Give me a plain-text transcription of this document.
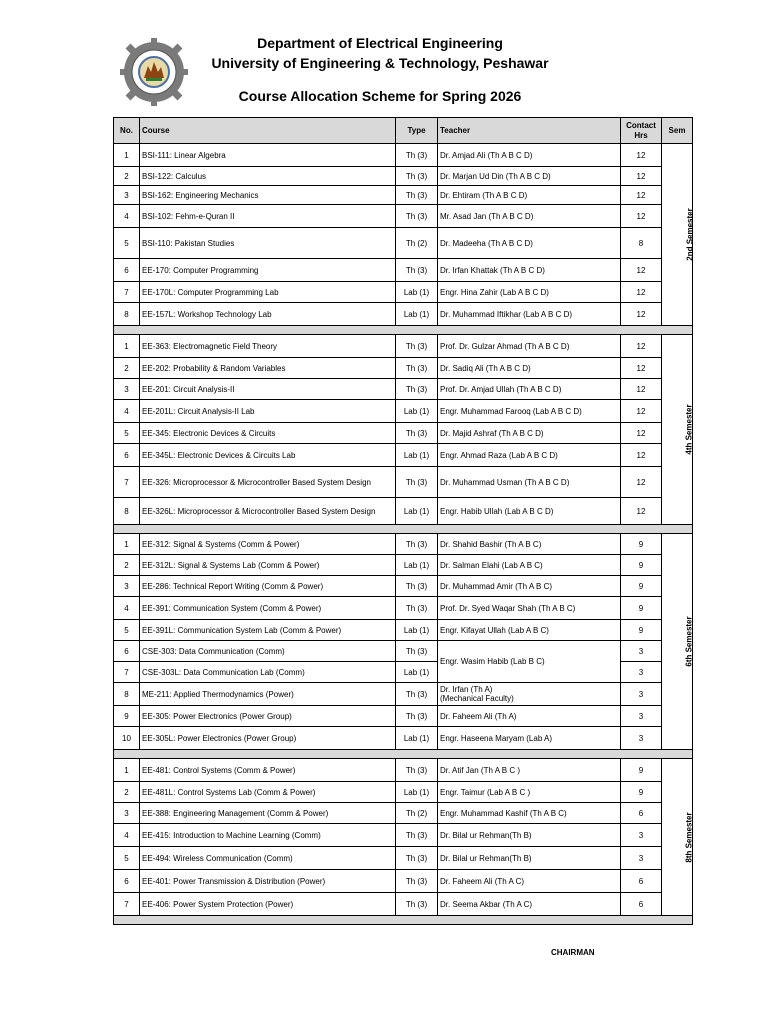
Department of Electrical Engineering
University of Engineering & Technology, Peshawar
Course Allocation Scheme for Spring 2026
No.	Course	Type	Teacher	Contact Hrs	Sem
1	BSI-111: Linear Algebra	Th (3)	Dr. Amjad Ali (Th A B C D)	12	2nd Semester
2	BSI-122: Calculus	Th (3)	Dr. Marjan Ud Din (Th A B C D)	12	
3	BSI-162: Engineering Mechanics	Th (3)	Dr. Ehtiram (Th A B C D)	12	
4	BSI-102: Fehm-e-Quran II	Th (3)	Mr. Asad Jan (Th A B C D)	12	
5	BSI-110: Pakistan Studies	Th (2)	Dr. Madeeha (Th A B C D)	8	
6	EE-170: Computer Programming	Th (3)	Dr. Irfan Khattak (Th A B C D)	12	
7	EE-170L: Computer Programming Lab	Lab (1)	Engr. Hina Zahir (Lab A B C D)	12	
8	EE-157L: Workshop Technology Lab	Lab (1)	Dr. Muhammad Iftikhar (Lab A B C D)	12	

1	EE-363: Electromagnetic Field Theory	Th (3)	Prof. Dr. Gulzar Ahmad (Th A B C D)	12	4th Semester
2	EE-202: Probability & Random Variables	Th (3)	Dr. Sadiq Ali (Th A B C D)	12	
3	EE-201: Circuit Analysis-II	Th (3)	Prof. Dr. Amjad Ullah (Th A B C D)	12	
4	EE-201L: Circuit Analysis-II Lab	Lab (1)	Engr. Muhammad Farooq (Lab A B C D)	12	
5	EE-345: Electronic Devices & Circuits	Th (3)	Dr. Majid Ashraf (Th A B C D)	12	
6	EE-345L: Electronic Devices & Circuits Lab	Lab (1)	Engr. Ahmad Raza (Lab A B C D)	12	
7	EE-326: Microprocessor & Microcontroller Based System Design	Th (3)	Dr. Muhammad Usman (Th A B C D)	12	
8	EE-326L: Microprocessor & Microcontroller Based System Design	Lab (1)	Engr. Habib Ullah (Lab A B C D)	12	

1	EE-312: Signal & Systems (Comm & Power)	Th (3)	Dr. Shahid Bashir (Th A B C)	9	6th Semester
2	EE-312L: Signal & Systems Lab (Comm & Power)	Lab (1)	Dr. Salman Elahi (Lab A B C)	9	
3	EE-286: Technical Report Writing (Comm & Power)	Th (3)	Dr. Muhammad Amir (Th A B C)	9	
4	EE-391: Communication System (Comm & Power)	Th (3)	Prof. Dr. Syed Waqar Shah (Th A B C)	9	
5	EE-391L: Communication System Lab (Comm & Power)	Lab (1)	Engr. Kifayat Ullah (Lab A B C)	9	
6	CSE-303: Data Communication (Comm)	Th (3)	Engr. Wasim Habib (Lab B C)	3	
7	CSE-303L: Data Communication Lab (Comm)	Lab (1)		3	
8	ME-211: Applied Thermodynamics (Power)	Th (3)	Dr. Irfan (Th A)
(Mechanical Faculty)	3	
9	EE-305: Power Electronics (Power Group)	Th (3)	Dr. Faheem Ali (Th A)	3	
10	EE-305L: Power Electronics (Power Group)	Lab (1)	Engr. Haseena Maryam (Lab A)	3	

1	EE-481: Control Systems (Comm & Power)	Th (3)	Dr. Atif Jan (Th A B C )	9	8th Semester
2	EE-481L: Control Systems Lab (Comm & Power)	Lab (1)	Engr. Taimur (Lab A B C )	9	
3	EE-388: Engineering Management (Comm & Power)	Th (2)	Engr. Muhammad Kashif (Th A B C)	6	
4	EE-415: Introduction to Machine Learning (Comm)	Th (3)	Dr. Bilal ur Rehman(Th B)	3	
5	EE-494: Wireless Communication (Comm)	Th (3)	Dr. Bilal ur Rehman(Th B)	3	
6	EE-401: Power Transmission & Distribution (Power)	Th (3)	Dr. Faheem Ali (Th A C)	6	
7	EE-406: Power System Protection (Power)	Th (3)	Dr. Seema Akbar (Th A C)	6	

CHAIRMAN
